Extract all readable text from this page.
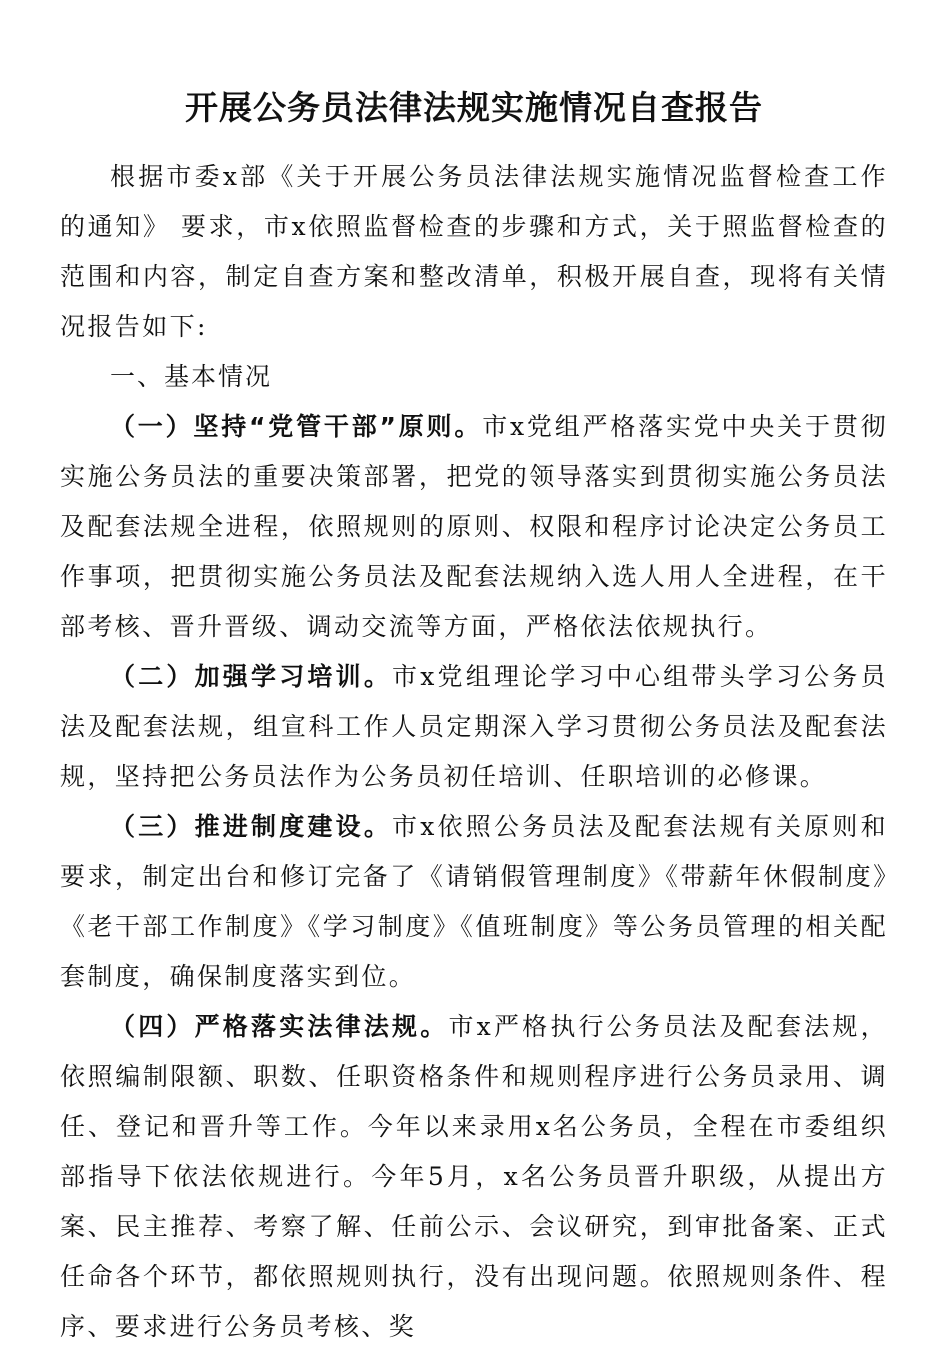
开展公务员法律法规实施情况自查报告

根据市委x部《关于开展公务员法律法规实施情况监督检查工作的通知》 要求，市x依照监督检查的步骤和方式，关于照监督检查的范围和内容，制定自查方案和整改清单，积极开展自查，现将有关情况报告如下:

一、基本情况

（一）坚持“党管干部”原则。市x党组严格落实党中央关于贯彻实施公务员法的重要决策部署，把党的领导落实到贯彻实施公务员法及配套法规全进程，依照规则的原则、权限和程序讨论决定公务员工作事项，把贯彻实施公务员法及配套法规纳入选人用人全进程，在干部考核、晋升晋级、调动交流等方面，严格依法依规执行。

（二）加强学习培训。市x党组理论学习中心组带头学习公务员法及配套法规，组宣科工作人员定期深入学习贯彻公务员法及配套法规，坚持把公务员法作为公务员初任培训、任职培训的必修课。

（三）推进制度建设。市x依照公务员法及配套法规有关原则和要求，制定出台和修订完备了《请销假管理制度》《带薪年休假制度》《老干部工作制度》《学习制度》《值班制度》等公务员管理的相关配套制度，确保制度落实到位。

（四）严格落实法律法规。市x严格执行公务员法及配套法规，依照编制限额、职数、任职资格条件和规则程序进行公务员录用、调任、登记和晋升等工作。今年以来录用x名公务员，全程在市委组织部指导下依法依规进行。今年5月，x名公务员晋升职级，从提出方案、民主推荐、考察了解、任前公示、会议研究，到审批备案、正式任命各个环节，都依照规则执行，没有出现问题。依照规则条件、程序、要求进行公务员考核、奖
